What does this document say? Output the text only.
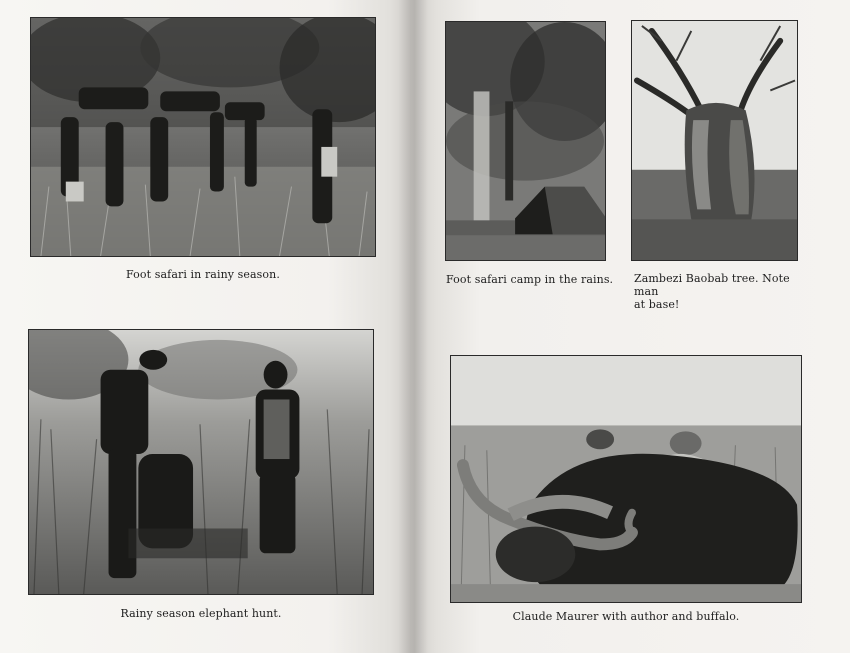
Foot safari in rainy season.
Rainy season elephant hunt.
Foot safari camp in the rains. Zambezi Baobab tree. Note man
at base!
Claude Maurer with author and buffalo.
